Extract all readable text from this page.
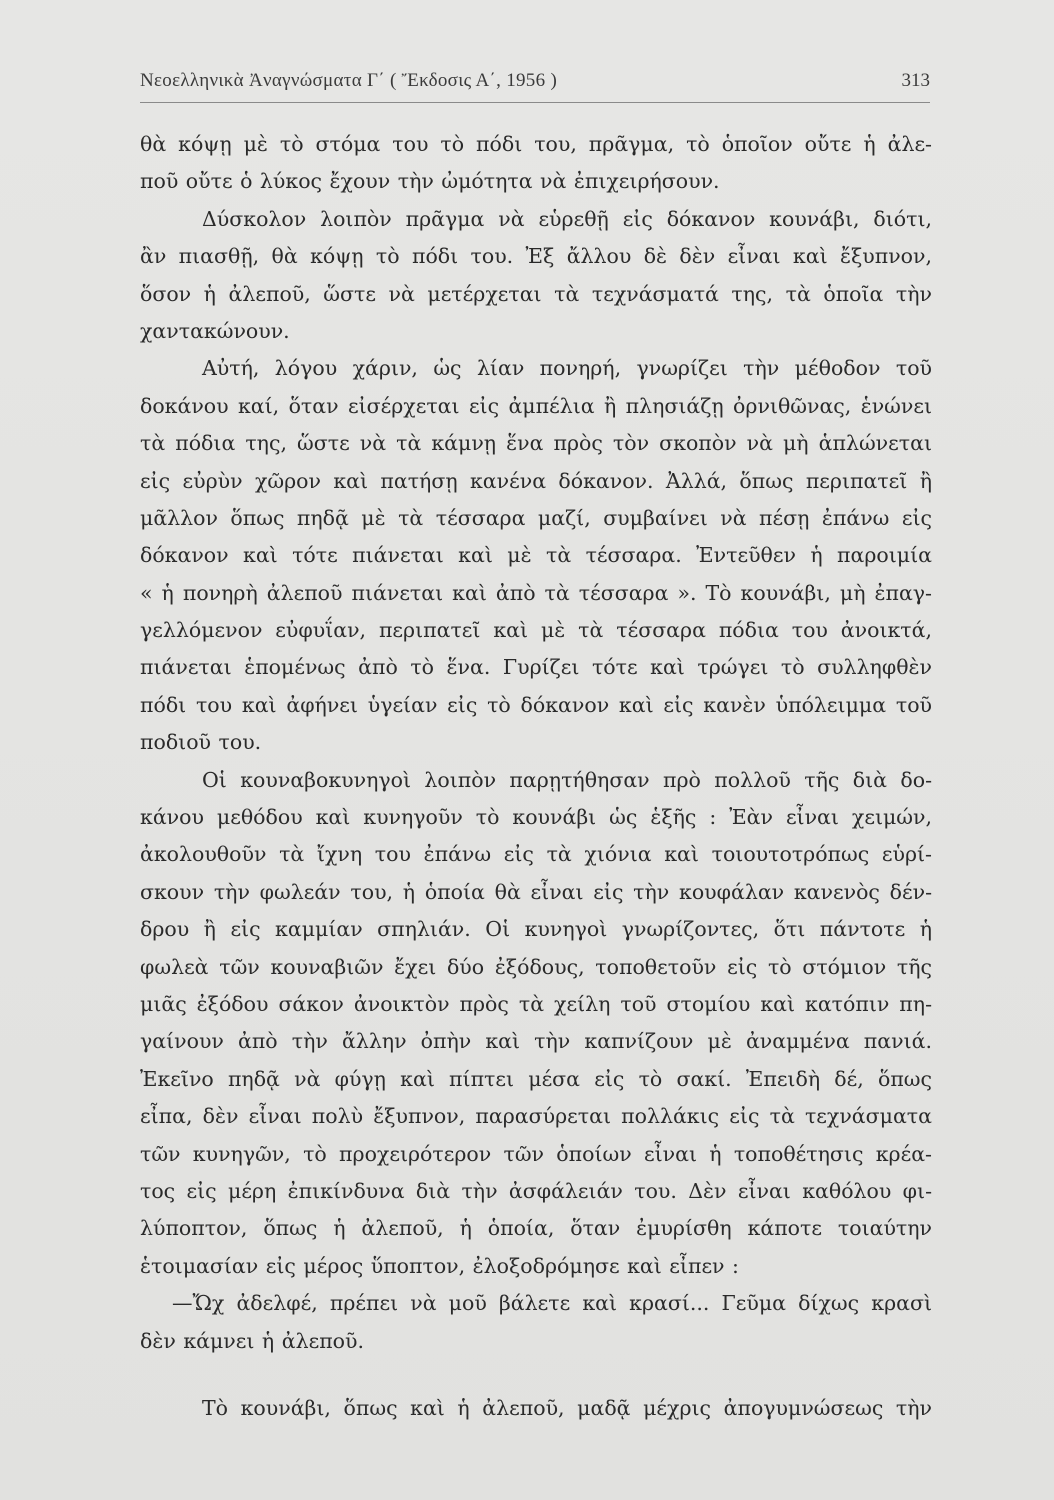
Νεοελληνικὰ Ἀναγνώσματα Γ΄ ( Ἔκδοσις Α΄, 1956 )	313
θὰ κόψῃ μὲ τὸ στόμα του τὸ πόδι του, πρᾶγμα, τὸ ὁποῖον οὔτε ἡ ἀλε-
ποῦ οὔτε ὁ λύκος ἔχουν τὴν ὠμότητα νὰ ἐπιχειρήσουν.
Δύσκολον λοιπὸν πρᾶγμα νὰ εὑρεθῇ εἰς δόκανον κουνάβι, διότι,
ἂν πιασθῇ, θὰ κόψῃ τὸ πόδι του. Ἐξ ἄλλου δὲ δὲν εἶναι καὶ ἔξυπνον,
ὅσον ἡ ἀλεποῦ, ὥστε νὰ μετέρχεται τὰ τεχνάσματά της, τὰ ὁποῖα τὴν
χαντακώνουν.
Αὐτή, λόγου χάριν, ὡς λίαν πονηρή, γνωρίζει τὴν μέθοδον τοῦ
δοκάνου καί, ὅταν εἰσέρχεται εἰς ἀμπέλια ἢ πλησιάζῃ ὀρνιθῶνας, ἑνώνει
τὰ πόδια της, ὥστε νὰ τὰ κάμνῃ ἕνα πρὸς τὸν σκοπὸν νὰ μὴ ἁπλώνεται
εἰς εὐρὺν χῶρον καὶ πατήσῃ κανένα δόκανον. Ἀλλά, ὅπως περιπατεῖ ἢ
μᾶλλον ὅπως πηδᾷ μὲ τὰ τέσσαρα μαζί, συμβαίνει νὰ πέσῃ ἐπάνω εἰς
δόκανον καὶ τότε πιάνεται καὶ μὲ τὰ τέσσαρα. Ἐντεῦθεν ἡ παροιμία
« ἡ πονηρὴ ἀλεποῦ πιάνεται καὶ ἀπὸ τὰ τέσσαρα ». Τὸ κουνάβι, μὴ ἐπαγ-
γελλόμενον εὐφυΐαν, περιπατεῖ καὶ μὲ τὰ τέσσαρα πόδια του ἀνοικτά,
πιάνεται ἑπομένως ἀπὸ τὸ ἕνα. Γυρίζει τότε καὶ τρώγει τὸ συλληφθὲν
πόδι του καὶ ἀφήνει ὑγείαν εἰς τὸ δόκανον καὶ εἰς κανὲν ὑπόλειμμα τοῦ
ποδιοῦ του.
Οἱ κουναβοκυνηγοὶ λοιπὸν παρῃτήθησαν πρὸ πολλοῦ τῆς διὰ δο-
κάνου μεθόδου καὶ κυνηγοῦν τὸ κουνάβι ὡς ἑξῆς : Ἐὰν εἶναι χειμών,
ἀκολουθοῦν τὰ ἴχνη του ἐπάνω εἰς τὰ χιόνια καὶ τοιουτοτρόπως εὑρί-
σκουν τὴν φωλεάν του, ἡ ὁποία θὰ εἶναι εἰς τὴν κουφάλαν κανενὸς δέν-
δρου ἢ εἰς καμμίαν σπηλιάν. Οἱ κυνηγοὶ γνωρίζοντες, ὅτι πάντοτε ἡ
φωλεὰ τῶν κουναβιῶν ἔχει δύο ἐξόδους, τοποθετοῦν εἰς τὸ στόμιον τῆς
μιᾶς ἐξόδου σάκον ἀνοικτὸν πρὸς τὰ χείλη τοῦ στομίου καὶ κατόπιν πη-
γαίνουν ἀπὸ τὴν ἄλλην ὀπὴν καὶ τὴν καπνίζουν μὲ ἀναμμένα πανιά.
Ἐκεῖνο πηδᾷ νὰ φύγῃ καὶ πίπτει μέσα εἰς τὸ σακί. Ἐπειδὴ δέ, ὅπως
εἶπα, δὲν εἶναι πολὺ ἔξυπνον, παρασύρεται πολλάκις εἰς τὰ τεχνάσματα
τῶν κυνηγῶν, τὸ προχειρότερον τῶν ὁποίων εἶναι ἡ τοποθέτησις κρέα-
τος εἰς μέρη ἐπικίνδυνα διὰ τὴν ἀσφάλειάν του. Δὲν εἶναι καθόλου φι-
λύποπτον, ὅπως ἡ ἀλεποῦ, ἡ ὁποία, ὅταν ἐμυρίσθη κάποτε τοιαύτην
ἑτοιμασίαν εἰς μέρος ὕποπτον, ἐλοξοδρόμησε καὶ εἶπεν :
—Ὤχ ἀδελφέ, πρέπει νὰ μοῦ βάλετε καὶ κρασί... Γεῦμα δίχως κρασὶ
δὲν κάμνει ἡ ἀλεποῦ.
Τὸ κουνάβι, ὅπως καὶ ἡ ἀλεποῦ, μαδᾷ μέχρις ἀπογυμνώσεως τὴν
